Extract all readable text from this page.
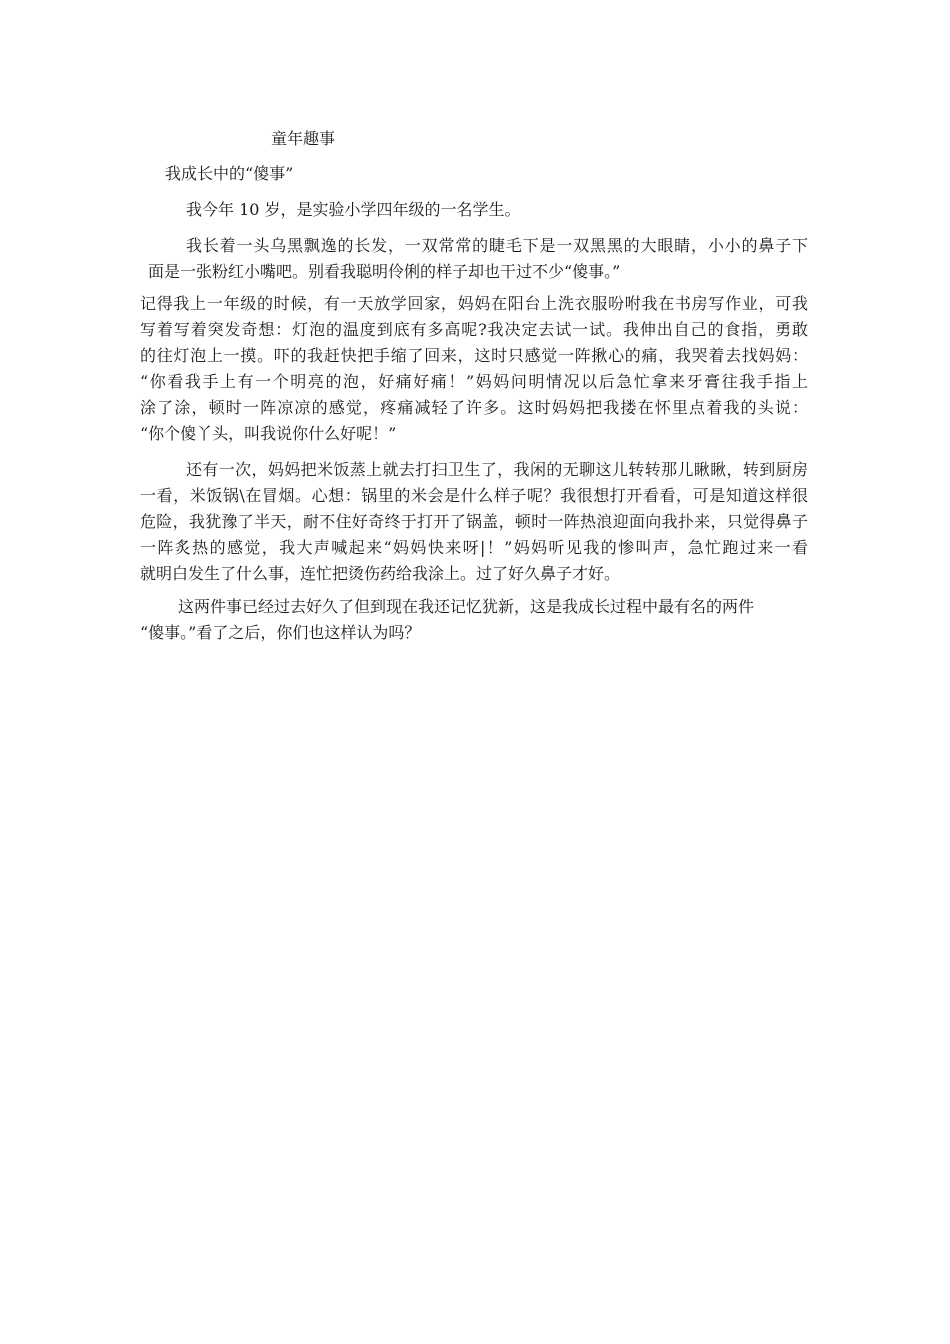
童年趣事
我成长中的“傻事”
我今年 10 岁，是实验小学四年级的一名学生。
我长着一头乌黑飘逸的长发，一双常常的睫毛下是一双黑黑的大眼睛，小小的鼻子下
面是一张粉红小嘴吧。别看我聪明伶俐的样子却也干过不少“傻事。”
记得我上一年级的时候，有一天放学回家，妈妈在阳台上洗衣服吩咐我在书房写作业，可我
写着写着突发奇想：灯泡的温度到底有多高呢?我决定去试一试。我伸出自己的食指，勇敢
的往灯泡上一摸。吓的我赶快把手缩了回来，这时只感觉一阵揪心的痛，我哭着去找妈妈：
“你看我手上有一个明亮的泡，好痛好痛！”妈妈问明情况以后急忙拿来牙膏往我手指上
涂了涂，顿时一阵凉凉的感觉，疼痛减轻了许多。这时妈妈把我搂在怀里点着我的头说：
“你个傻丫头，叫我说你什么好呢！”
还有一次，妈妈把米饭蒸上就去打扫卫生了，我闲的无聊这儿转转那儿瞅瞅，转到厨房
一看，米饭锅\在冒烟。心想：锅里的米会是什么样子呢？我很想打开看看，可是知道这样很
危险，我犹豫了半天，耐不住好奇终于打开了锅盖，顿时一阵热浪迎面向我扑来，只觉得鼻子
一阵炙热的感觉，我大声喊起来“妈妈快来呀|！”妈妈听见我的惨叫声，急忙跑过来一看
就明白发生了什么事，连忙把烫伤药给我涂上。过了好久鼻子才好。
这两件事已经过去好久了但到现在我还记忆犹新，这是我成长过程中最有名的两件
“傻事。”看了之后，你们也这样认为吗？
